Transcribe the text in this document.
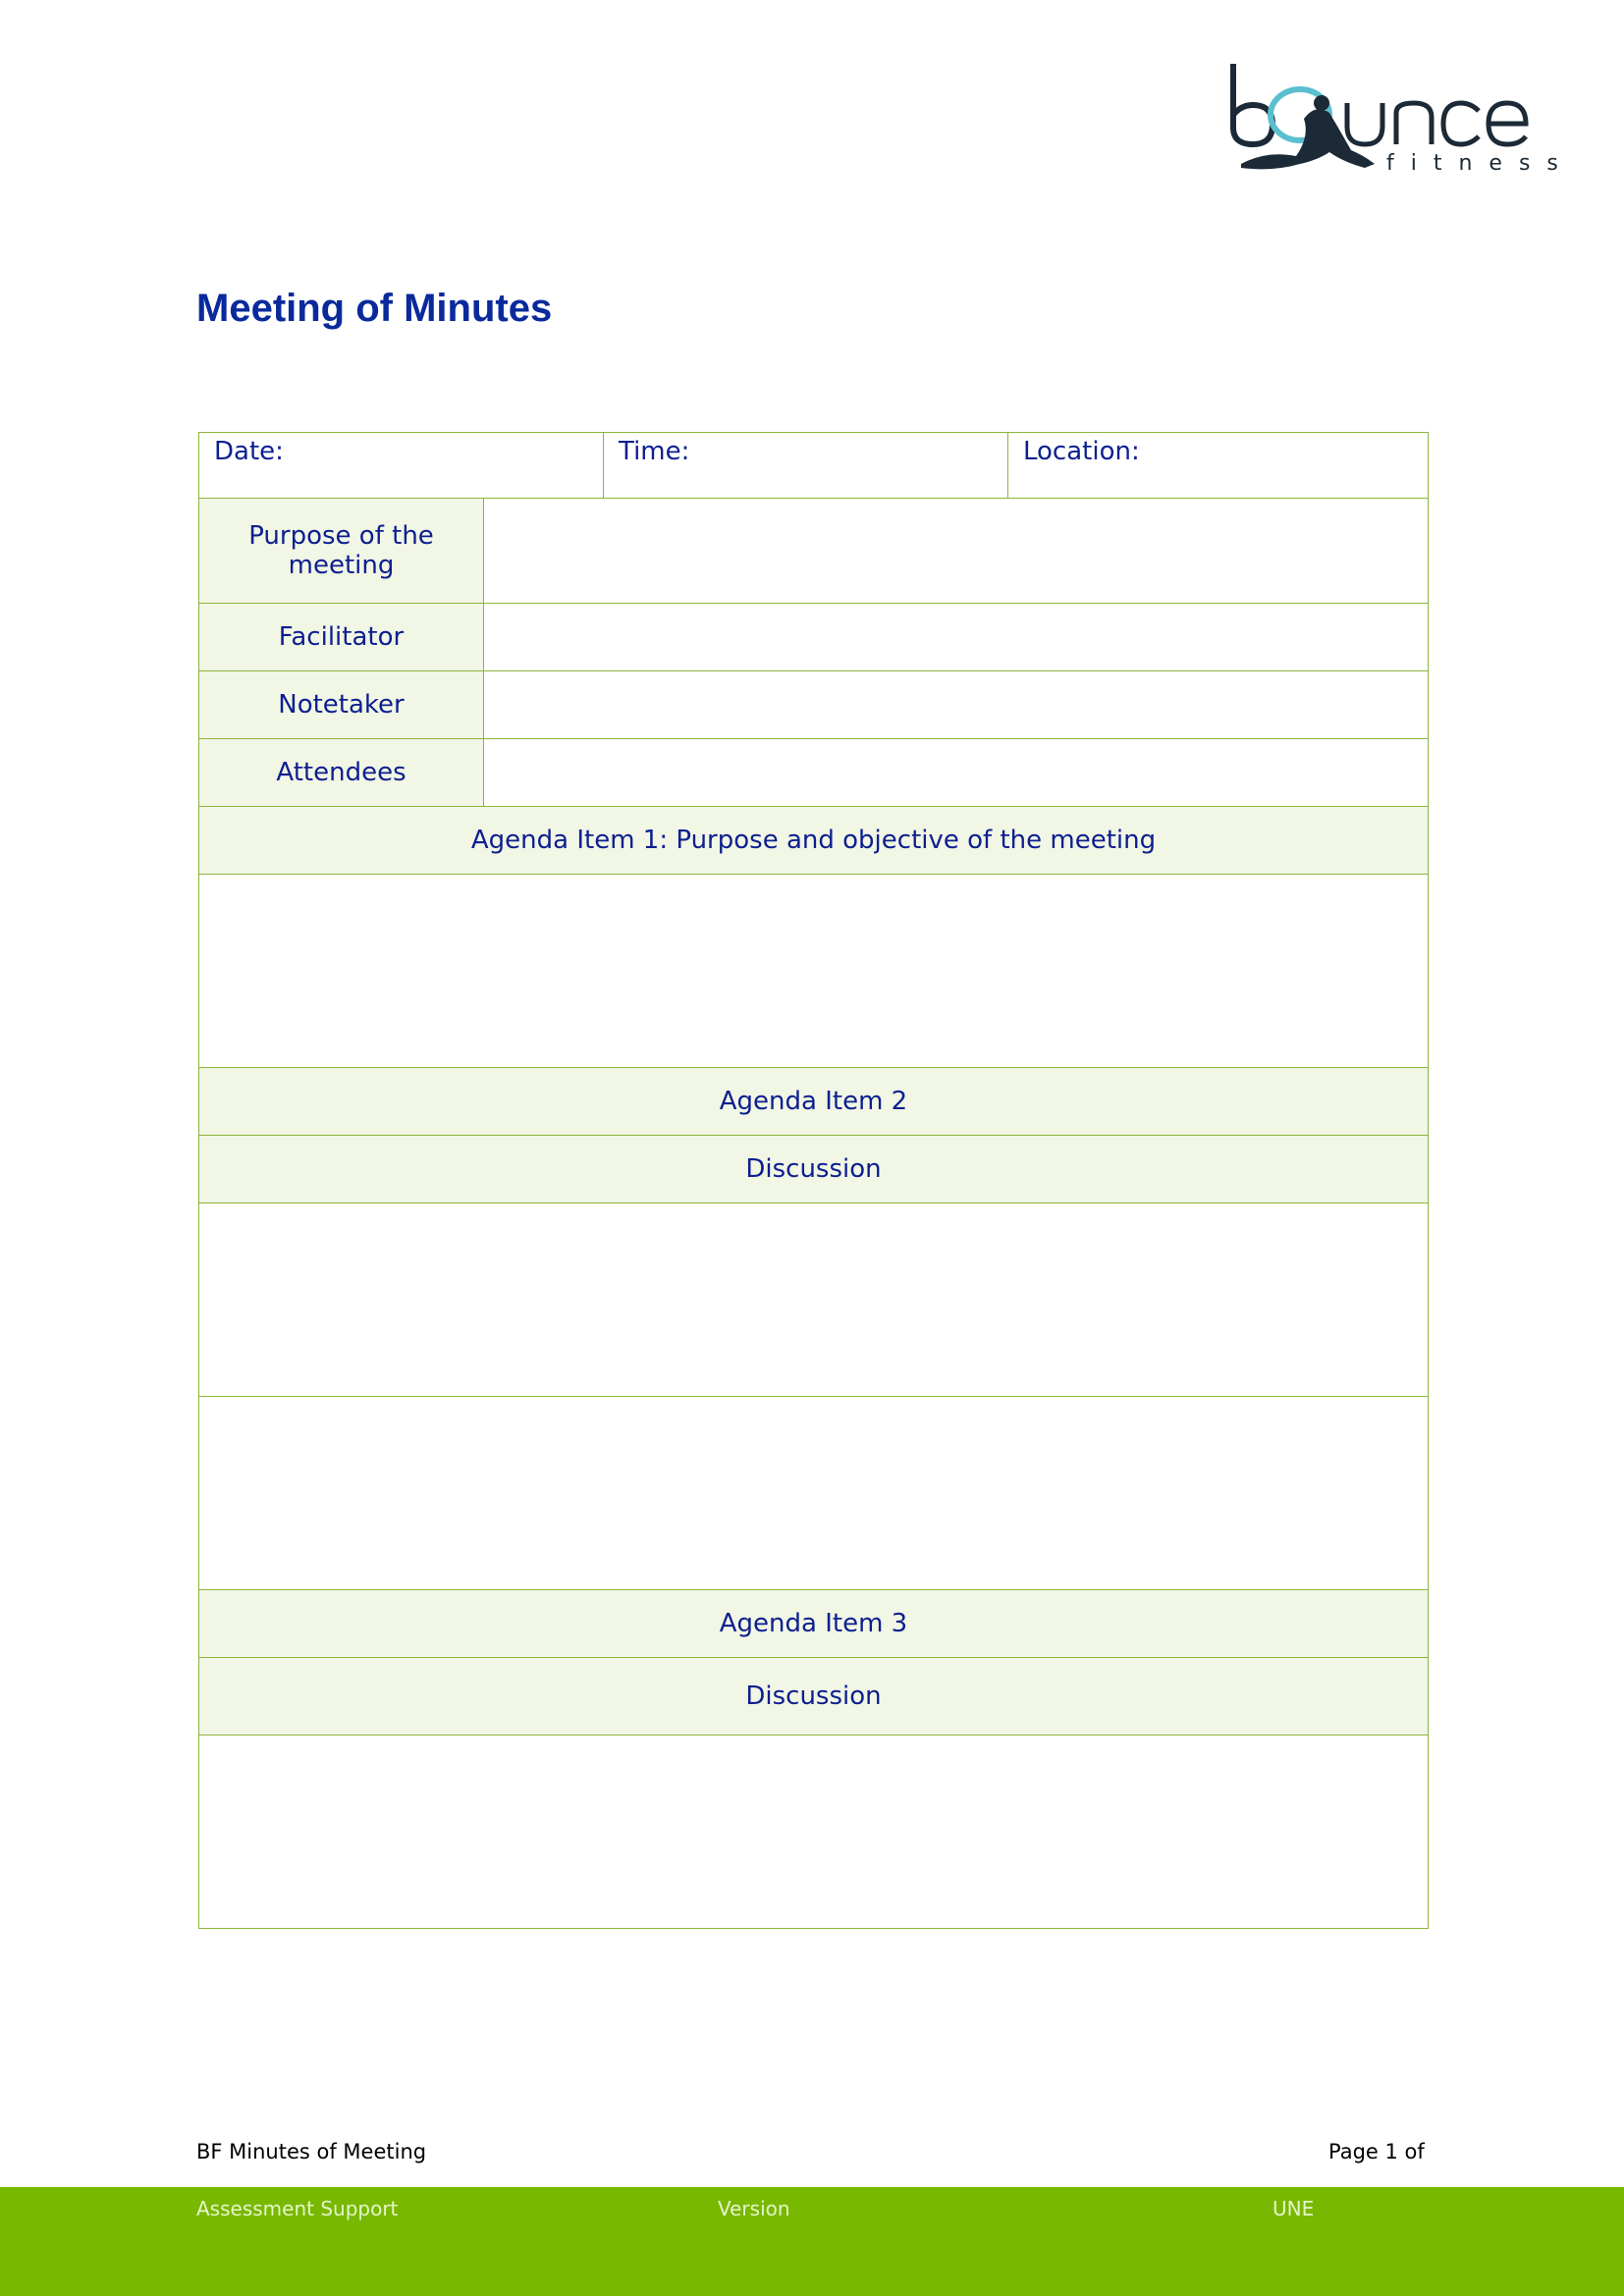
fitness
Meeting of Minutes
Date:		Time:	Location:
Purpose of the meeting			
Facilitator			
Notetaker			
Attendees			
Agenda Item 1: Purpose and objective of the meeting			

Agenda Item 2			
Discussion			

Agenda Item 3			
Discussion			

BF Minutes of Meeting	Page 1 of
Assessment Support	Version	UNE
